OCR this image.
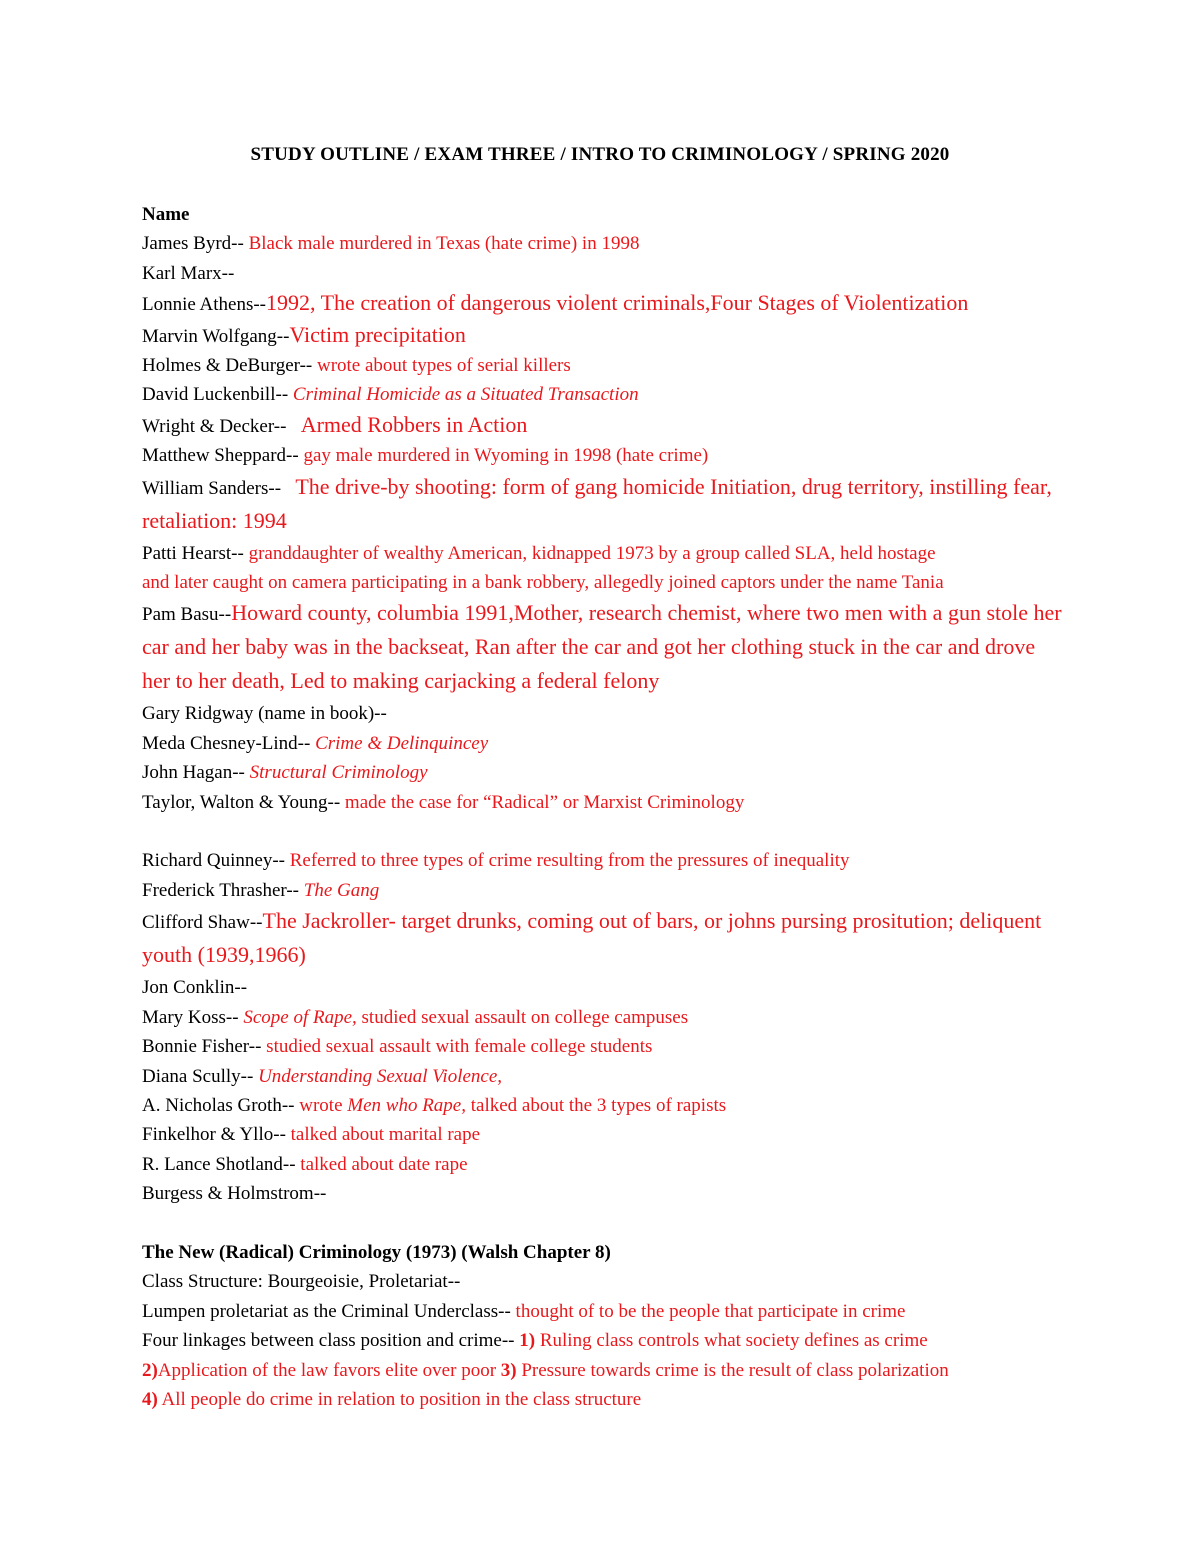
STUDY OUTLINE / EXAM THREE / INTRO TO CRIMINOLOGY / SPRING 2020
Name
James Byrd-- Black male murdered in Texas (hate crime) in 1998
Karl Marx--
Lonnie Athens--1992, The creation of dangerous violent criminals,Four Stages of Violentization
Marvin Wolfgang--Victim precipitation
Holmes & DeBurger-- wrote about types of serial killers
David Luckenbill-- Criminal Homicide as a Situated Transaction
Wright & Decker--   Armed Robbers in Action
Matthew Sheppard-- gay male murdered in Wyoming in 1998 (hate crime)
William Sanders--   The drive-by shooting: form of gang homicide Initiation, drug territory, instilling fear, retaliation: 1994
Patti Hearst-- granddaughter of wealthy American, kidnapped 1973 by a group called SLA, held hostage
and later caught on camera participating in a bank robbery, allegedly joined captors under the name Tania
Pam Basu--Howard county, columbia 1991,Mother, research chemist, where two men with a gun stole her car and her baby was in the backseat, Ran after the car and got her clothing stuck in the car and drove her to her death, Led to making carjacking a federal felony
Gary Ridgway (name in book)--
Meda Chesney-Lind-- Crime & Delinquincey
John Hagan-- Structural Criminology
Taylor, Walton & Young-- made the case for “Radical” or Marxist Criminology
Richard Quinney-- Referred to three types of crime resulting from the pressures of inequality
Frederick Thrasher-- The Gang
Clifford Shaw--The Jackroller- target drunks, coming out of bars, or johns pursing prositution; deliquent youth (1939,1966)
Jon Conklin--
Mary Koss-- Scope of Rape, studied sexual assault on college campuses
Bonnie Fisher-- studied sexual assault with female college students
Diana Scully-- Understanding Sexual Violence,
A. Nicholas Groth-- wrote Men who Rape, talked about the 3 types of rapists
Finkelhor & Yllo-- talked about marital rape
R. Lance Shotland-- talked about date rape
Burgess & Holmstrom--
The New (Radical) Criminology (1973) (Walsh Chapter 8)
Class Structure: Bourgeoisie, Proletariat--
Lumpen proletariat as the Criminal Underclass-- thought of to be the people that participate in crime
Four linkages between class position and crime-- 1) Ruling class controls what society defines as crime
2)Application of the law favors elite over poor 3) Pressure towards crime is the result of class polarization
4) All people do crime in relation to position in the class structure
